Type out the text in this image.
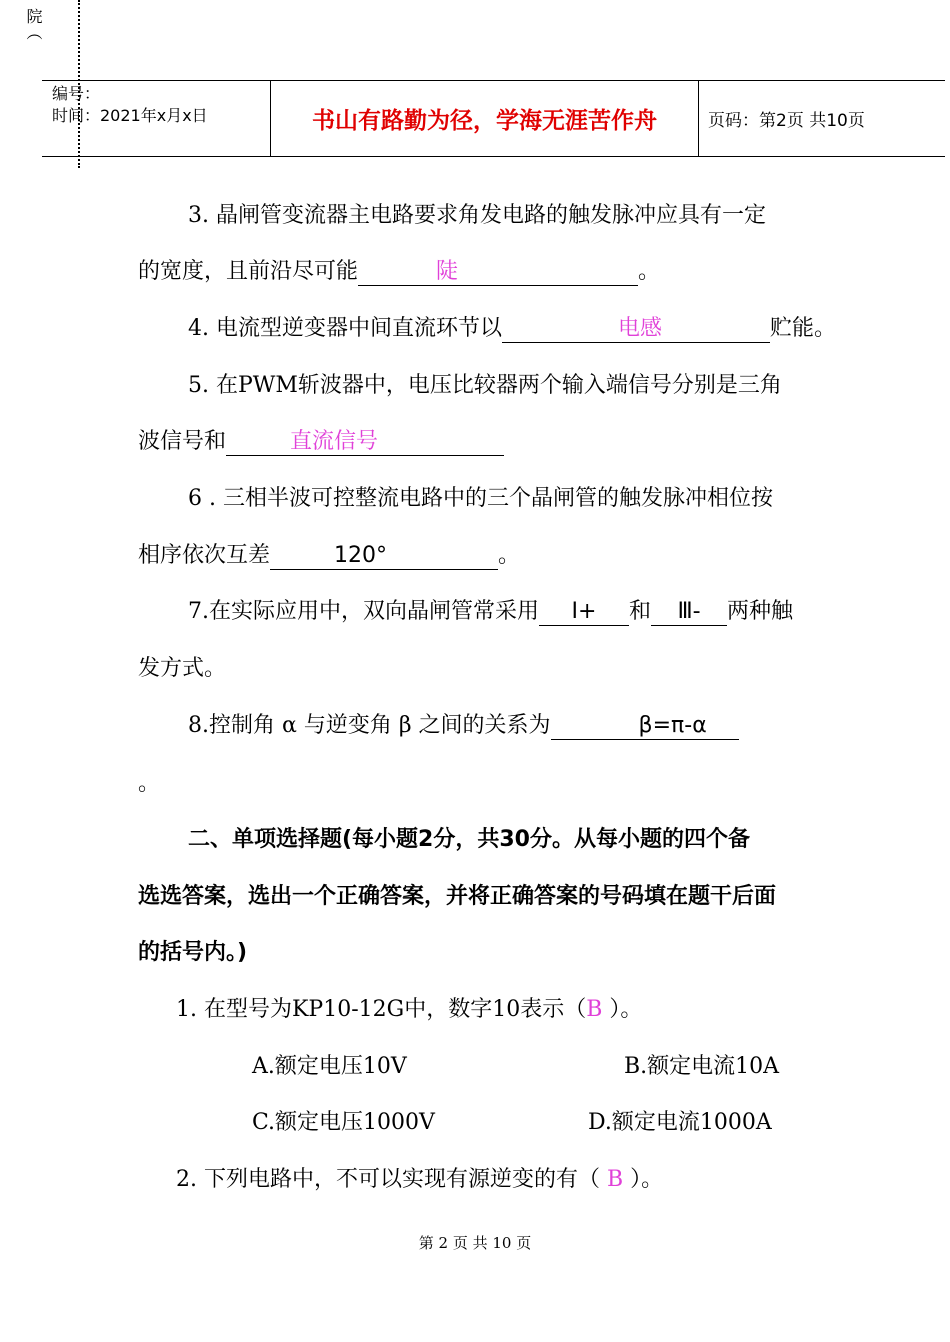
院（
编号：
时间：2021年x月x日	书山有路勤为径，学海无涯苦作舟	页码：第2页 共10页
3. 晶闸管变流器主电路要求角发电路的触发脉冲应具有一定
的宽度，且前沿尽可能	陡	。
4. 电流型逆变器中间直流环节以	电感	贮能。
5. 在PWM斩波器中，电压比较器两个输入端信号分别是三角
波信号和	直流信号
6 . 三相半波可控整流电路中的三个晶闸管的触发脉冲相位按
相序依次互差	120°	。
7.在实际应用中，双向晶闸管常采用 Ⅰ+ 和 Ⅲ- 两种触
发方式。
8.控制角 α 与逆变角 β 之间的关系为	β=π-α
。
二、单项选择题(每小题2分，共30分。从每小题的四个备
选选答案，选出一个正确答案，并将正确答案的号码填在题干后面
的括号内。)
1. 在型号为KP10-12G中，数字10表示（B ）。
A.额定电压10V	B.额定电流10A
C.额定电压1000V	D.额定电流1000A
2. 下列电路中，不可以实现有源逆变的有（ B ）。
第 2 页 共 10 页
